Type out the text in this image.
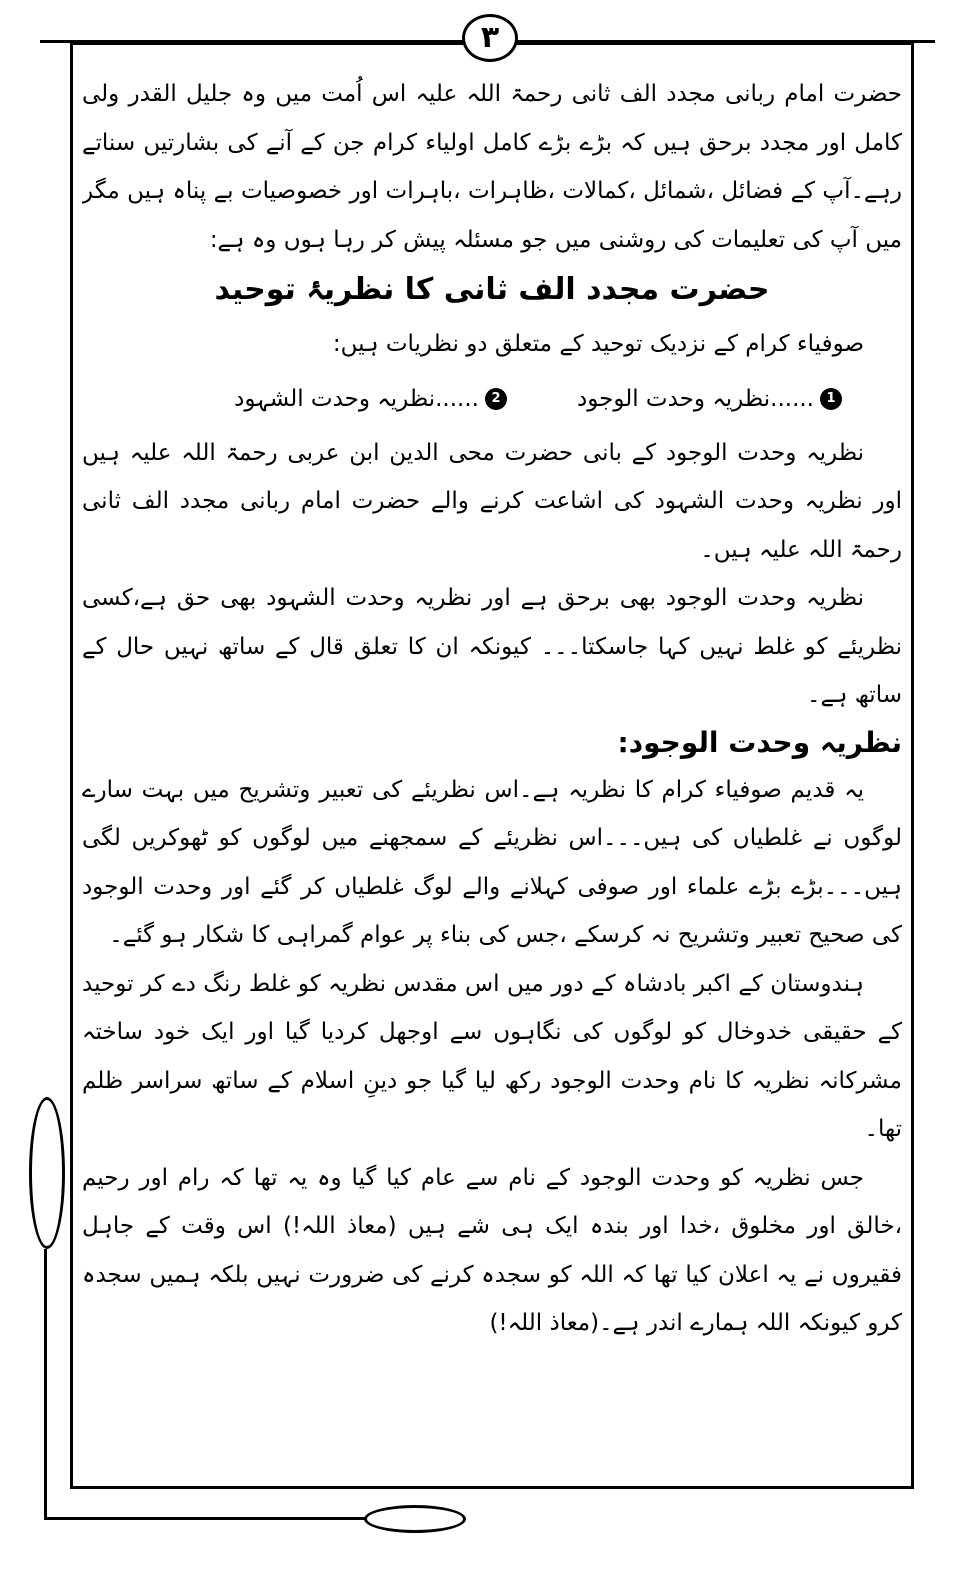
۳

حضرت امام ربانی مجدد الف ثانی رحمۃ اللہ علیہ اس اُمت میں وہ جلیل القدر ولی کامل اور مجدد برحق ہیں کہ بڑے بڑے کامل اولیاء کرام جن کے آنے کی بشارتیں سناتے رہے۔آپ کے فضائل ،شمائل ،کمالات ،ظاہرات ،باہرات اور خصوصیات بے پناہ ہیں مگر میں آپ کی تعلیمات کی روشنی میں جو مسئلہ پیش کر رہا ہوں وہ ہے:

حضرت مجدد الف ثانی کا نظریۂ توحید

صوفیاء کرام کے نزدیک توحید کے متعلق دو نظریات ہیں:

1
......نظریہ وحدت الوجود
2
......نظریہ وحدت الشہود

نظریہ وحدت الوجود کے بانی حضرت محی الدین ابن عربی رحمۃ اللہ علیہ ہیں اور نظریہ وحدت الشہود کی اشاعت کرنے والے حضرت امام ربانی مجدد الف ثانی رحمۃ اللہ علیہ ہیں۔

نظریہ وحدت الوجود بھی برحق ہے اور نظریہ وحدت الشہود بھی حق ہے،کسی نظریئے کو غلط نہیں کہا جاسکتا۔۔۔ کیونکہ ان کا تعلق قال کے ساتھ نہیں حال کے ساتھ ہے۔

نظریہ وحدت الوجود:

یہ قدیم صوفیاء کرام کا نظریہ ہے۔اس نظریئے کی تعبیر وتشریح میں بہت سارے لوگوں نے غلطیاں کی ہیں۔۔۔اس نظریئے کے سمجھنے میں لوگوں کو ٹھوکریں لگی ہیں۔۔۔بڑے بڑے علماء اور صوفی کہلانے والے لوگ غلطیاں کر گئے اور وحدت الوجود کی صحیح تعبیر وتشریح نہ کرسکے ،جس کی بناء پر عوام گمراہی کا شکار ہو گئے۔

ہندوستان کے اکبر بادشاہ کے دور میں اس مقدس نظریہ کو غلط رنگ دے کر توحید کے حقیقی خدوخال کو لوگوں کی نگاہوں سے اوجھل کردیا گیا اور ایک خود ساختہ مشرکانہ نظریہ کا نام وحدت الوجود رکھ لیا گیا جو دینِ اسلام کے ساتھ سراسر ظلم تھا۔

جس نظریہ کو وحدت الوجود کے نام سے عام کیا گیا وہ یہ تھا کہ رام اور رحیم ،خالق اور مخلوق ،خدا اور بندہ ایک ہی شے ہیں (معاذ اللہ!) اس وقت کے جاہل فقیروں نے یہ اعلان کیا تھا کہ اللہ کو سجدہ کرنے کی ضرورت نہیں بلکہ ہمیں سجدہ کرو کیونکہ اللہ ہمارے اندر ہے۔(معاذ اللہ!)
